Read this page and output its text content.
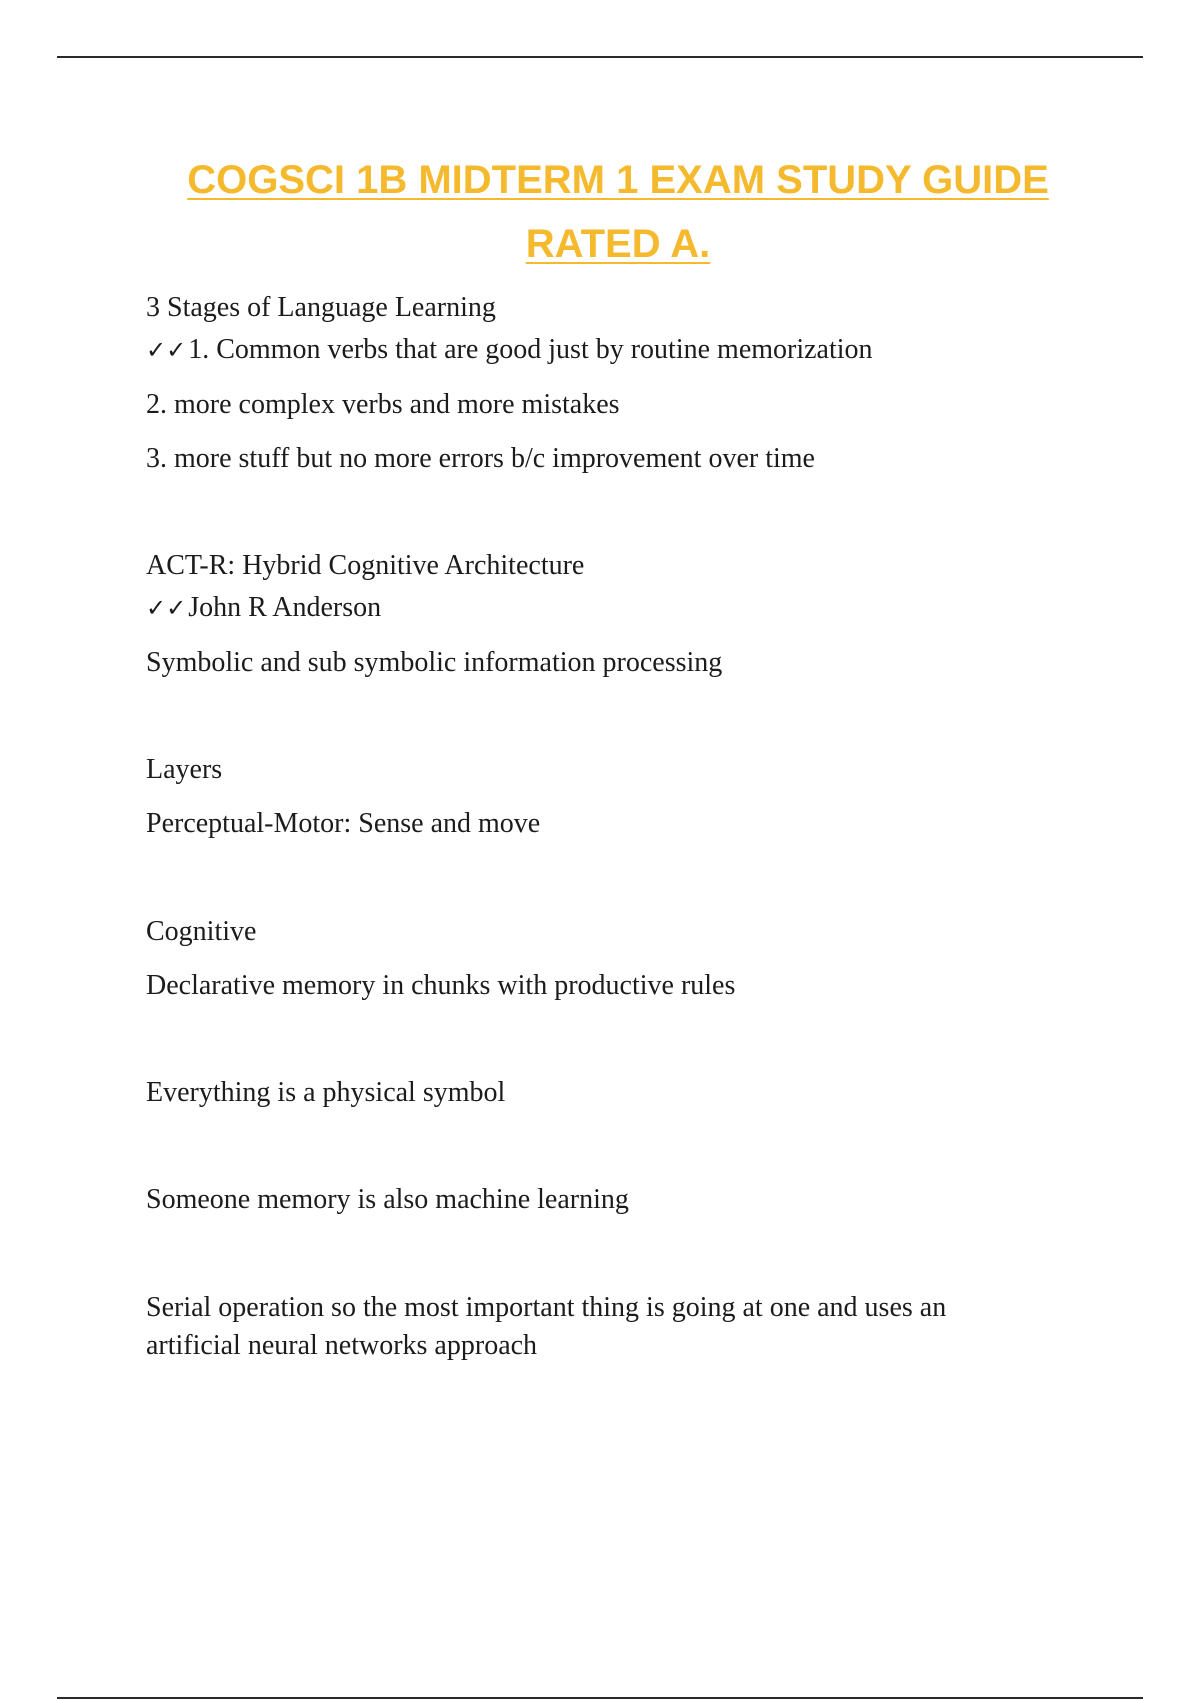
COGSCI 1B MIDTERM 1 EXAM STUDY GUIDE
RATED A.
3 Stages of Language Learning
✓✓1. Common verbs that are good just by routine memorization
2. more complex verbs and more mistakes
3. more stuff but no more errors b/c improvement over time
ACT-R: Hybrid Cognitive Architecture
✓✓John R Anderson
Symbolic and sub symbolic information processing
Layers
Perceptual-Motor: Sense and move
Cognitive
Declarative memory in chunks with productive rules
Everything is a physical symbol
Someone memory is also machine learning
Serial operation so the most important thing is going at one and uses an artificial neural networks approach
